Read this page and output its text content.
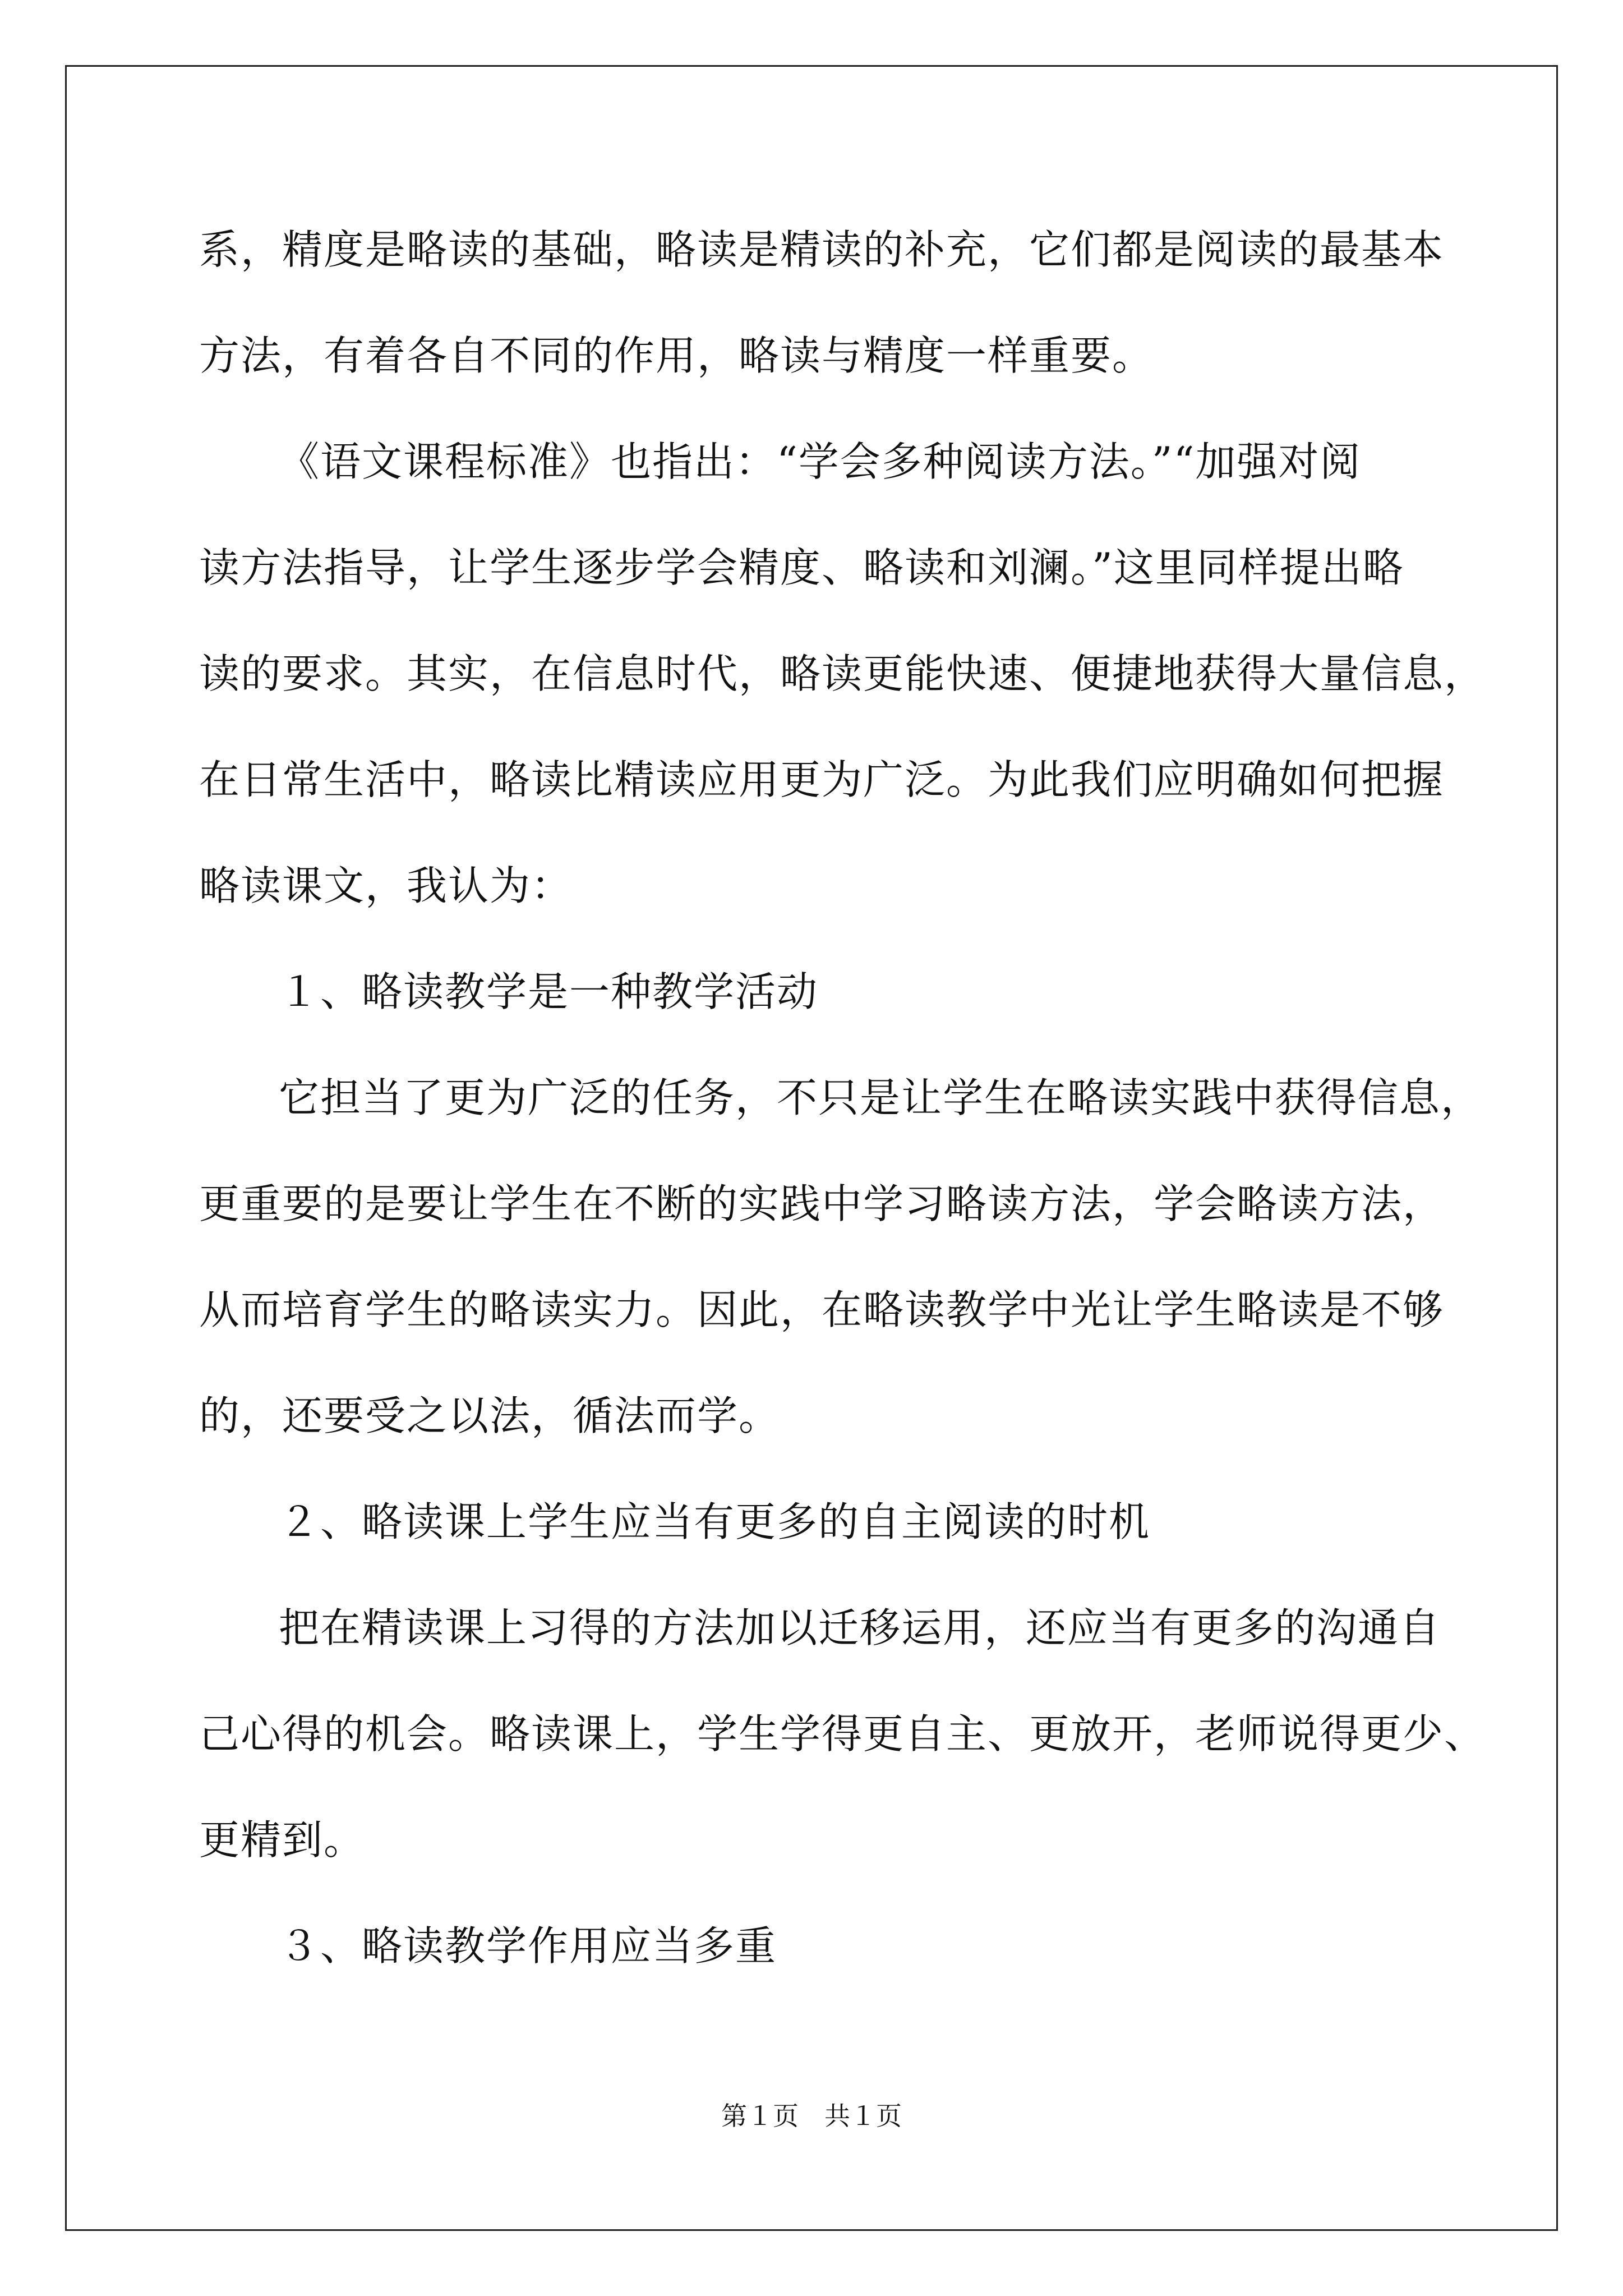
系，精度是略读的基础，略读是精读的补充，它们都是阅读的最基本
方法，有着各自不同的作用，略读与精度一样重要。
《语文课程标准》也指出：“学会多种阅读方法。”“加强对阅
读方法指导，让学生逐步学会精度、略读和刘澜。”这里同样提出略
读的要求。其实，在信息时代，略读更能快速、便捷地获得大量信息，
在日常生活中，略读比精读应用更为广泛。为此我们应明确如何把握
略读课文，我认为：
１、略读教学是一种教学活动
它担当了更为广泛的任务，不只是让学生在略读实践中获得信息，
更重要的是要让学生在不断的实践中学习略读方法，学会略读方法，
从而培育学生的略读实力。因此，在略读教学中光让学生略读是不够
的，还要受之以法，循法而学。
２、略读课上学生应当有更多的自主阅读的时机
把在精读课上习得的方法加以迁移运用，还应当有更多的沟通自
己心得的机会。略读课上，学生学得更自主、更放开，老师说得更少、
更精到。
３、略读教学作用应当多重
第１页　共１页
